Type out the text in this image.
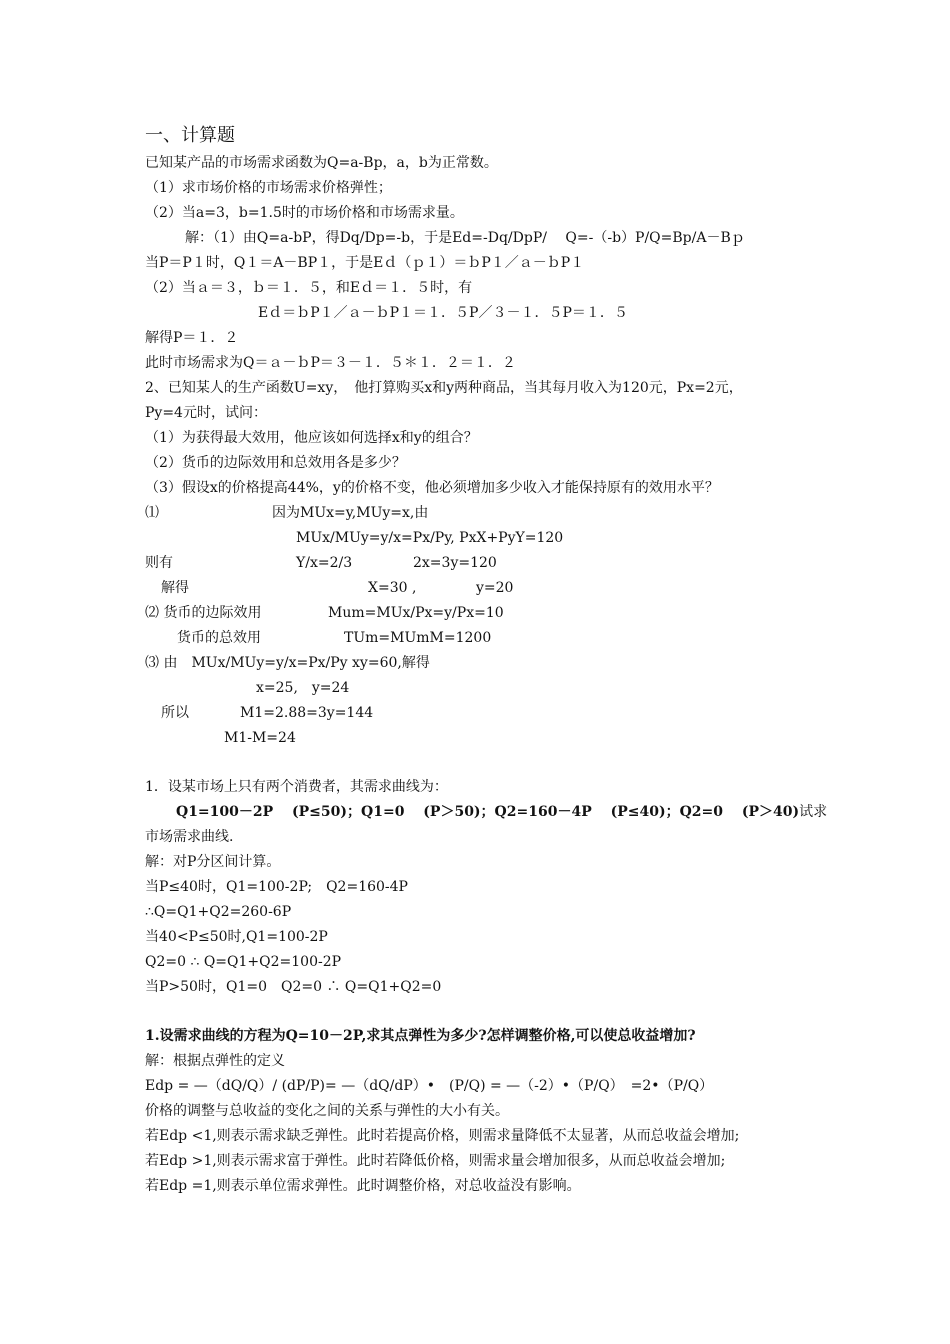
一、计算题
已知某产品的市场需求函数为Q=a-Bp，a，b为正常数。
（1）求市场价格的市场需求价格弹性；
（2）当a=3，b=1.5时的市场价格和市场需求量。
解：（1）由Q=a-bP，得Dq/Dp=-b，于是Ed=-Dq/DpP/　 Q=-（-b）P/Q=Bp/A－Bｐ
当P＝P１时，Q１＝A－BP１，于是Eｄ（ｐ１）＝ｂP１／ａ－ｂP１
（2）当ａ＝３，ｂ＝１．５，和Eｄ＝１．５时，有
Eｄ＝ｂP１／ａ－ｂP１＝１．５P／３－１．５P＝１．５
解得P＝１．２
此时市场需求为Q＝ａ－ｂP＝３－１．５＊１．２＝１．２
2、已知某人的生产函数U=xy，　他打算购买x和y两种商品，当其每月收入为120元，Px=2元，
Py=4元时，试问：
（1）为获得最大效用，他应该如何选择x和y的组合？
（2）货币的边际效用和总效用各是多少？
（3）假设x的价格提高44%，y的价格不变，他必须增加多少收入才能保持原有的效用水平？
⑴	因为MUx=y,MUy=x,由
MUx/MUy=y/x=Px/Py, PxX+PyY=120
则有	Y/x=2/3	2x=3y=120
解得	X=30 ,	y=20
⑵ 货币的边际效用	Mum=MUx/Px=y/Px=10
货币的总效用	TUm=MUmM=1200
⑶ 由　MUx/MUy=y/x=Px/Py xy=60,解得
x=25,　y=24
所以	M1=2.88=3y=144
M1-M=24
1．设某市场上只有两个消费者，其需求曲线为：
Q1=100－2P　 (P≤50)；Q1=0　 (P＞50)；Q2=160－4P　 (P≤40)；Q2=0　 (P＞40)试求
市场需求曲线.
解：对P分区间计算。
当P≤40时，Q1=100-2P;　Q2=160-4P
∴Q=Q1+Q2=260-6P
当40<P≤50时,Q1=100-2P
Q2=0 ∴ Q=Q1+Q2=100-2P
当P>50时，Q1=0　Q2=0 ∴ Q=Q1+Q2=0
1.设需求曲线的方程为Q=10－2P,求其点弹性为多少?怎样调整价格,可以使总收益增加?
解：根据点弹性的定义
Edp = —（dQ/Q）/ (dP/P)= —（dQ/dP）•　(P/Q) = —（-2）•（P/Q）　=2•（P/Q）
价格的调整与总收益的变化之间的关系与弹性的大小有关。
若Edp <1,则表示需求缺乏弹性。此时若提高价格，则需求量降低不太显著，从而总收益会增加;
若Edp >1,则表示需求富于弹性。此时若降低价格，则需求量会增加很多，从而总收益会增加;
若Edp =1,则表示单位需求弹性。此时调整价格，对总收益没有影响。
